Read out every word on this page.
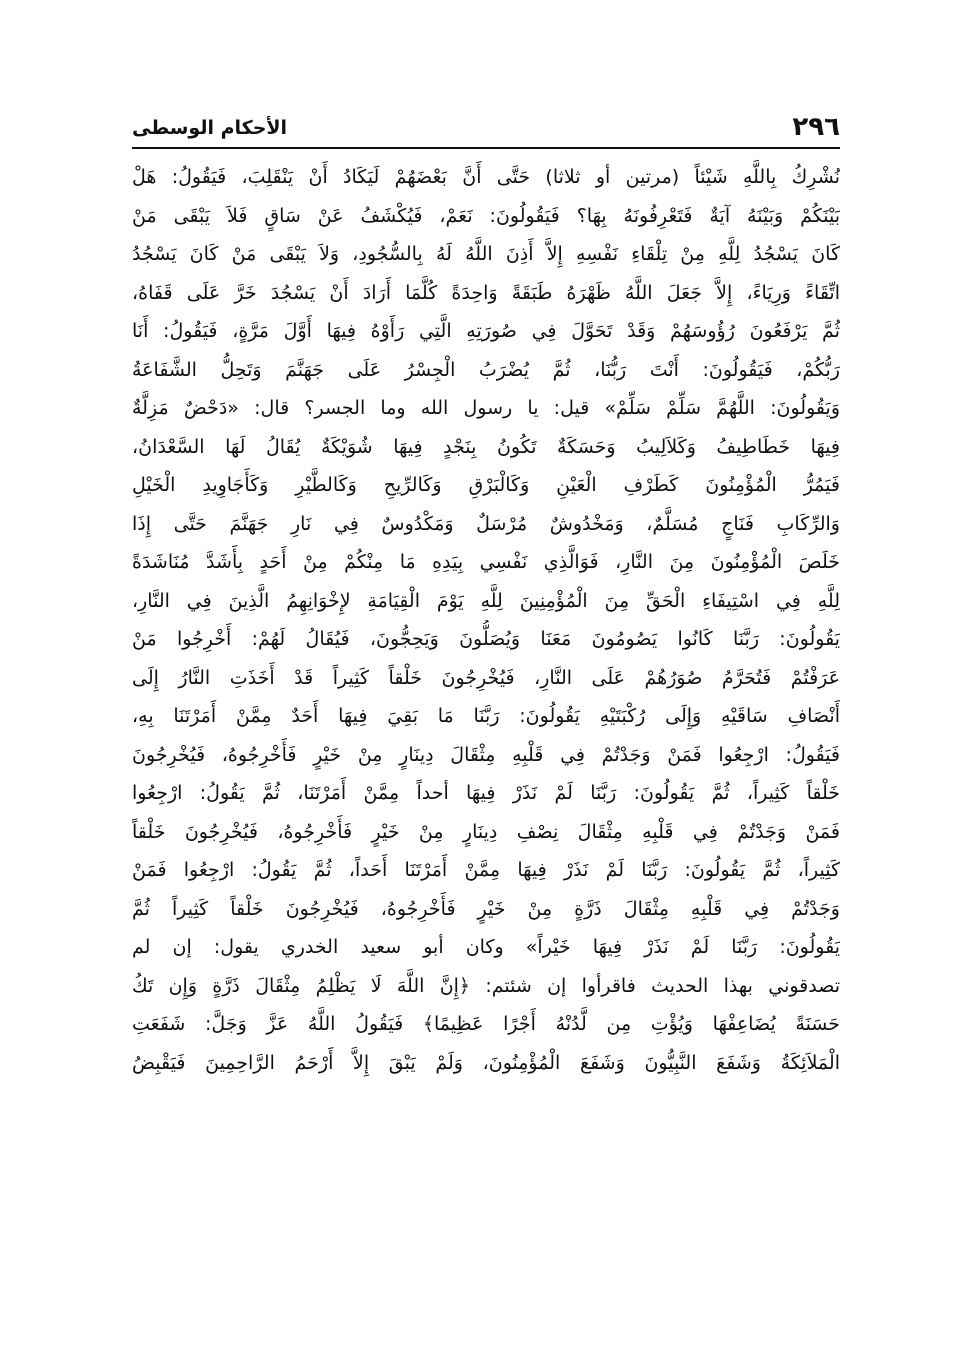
٢٩٦
الأحكام الوسطى
نُشْرِكُ بِاللَّهِ شَيْئاً (مرتين أو ثلاثا) حَتَّى أَنَّ بَعْضَهُمْ لَيَكَادُ أَنْ يَنْقَلِبَ، فَيَقُولُ: هَلْ
بَيْنَكُمْ وَبَيْنَهُ آيَةٌ فَتَعْرِفُونَهُ بِهَا؟ فَيَقُولُونَ: نَعَمْ، فَيُكْشَفُ عَنْ سَاقٍ فَلاَ يَبْقَى مَنْ
كَانَ يَسْجُدُ لِلَّهِ مِنْ تِلْقَاءِ نَفْسِهِ إِلاَّ أَذِنَ اللَّهُ لَهُ بِالسُّجُودِ، وَلاَ يَبْقَى مَنْ كَانَ يَسْجُدُ
اتِّقَاءً وَرِيَاءً، إِلاَّ جَعَلَ اللَّهُ ظَهْرَهُ طَبَقَةً وَاحِدَةً كُلَّمَا أَرَادَ أَنْ يَسْجُدَ خَرَّ عَلَى قَفَاهُ،
ثُمَّ يَرْفَعُونَ رُؤُوسَهُمْ وَقَدْ تَحَوَّلَ فِي صُورَتِهِ الَّتِي رَأَوْهُ فِيهَا أَوَّلَ مَرَّةٍ، فَيَقُولُ: أَنَا
رَبُّكُمْ، فَيَقُولُونَ: أَنْتَ رَبُّنَا، ثُمَّ يُضْرَبُ الْجِسْرُ عَلَى جَهَنَّمَ وَتَحِلُّ الشَّفَاعَةُ
وَيَقُولُونَ: اللَّهُمَّ سَلِّمْ سَلِّمْ» قيل: يا رسول الله وما الجسر؟ قال: «دَحْضٌ مَزِلَّةٌ
فِيهَا خَطَاطِيفُ وَكَلاَلِيبُ وَحَسَكَةٌ تَكُونُ بِنَجْدٍ فِيهَا شُوَيْكَةٌ يُقَالُ لَهَا السَّعْدَانُ،
فَيَمُرُّ الْمُؤْمِنُونَ كَطَرْفِ الْعَيْنِ وَكَالْبَرْقِ وَكَالرِّيحِ وَكَالطَّيْرِ وَكَأَجَاوِيدِ الْخَيْلِ
وَالرِّكَابِ فَنَاجٍ مُسَلَّمٌ، وَمَخْدُوشٌ مُرْسَلٌ وَمَكْدُوسٌ فِي نَارِ جَهَنَّمَ حَتَّى إِذَا
خَلَصَ الْمُؤْمِنُونَ مِنَ النَّارِ، فَوَالَّذِي نَفْسِي بِيَدِهِ مَا مِنْكُمْ مِنْ أَحَدٍ بِأَشَدَّ مُنَاشَدَةً
لِلَّهِ فِي اسْتِيفَاءِ الْحَقِّ مِنَ الْمُؤْمِنِينَ لِلَّهِ يَوْمَ الْقِيَامَةِ لإِخْوَانِهِمُ الَّذِينَ فِي النَّارِ،
يَقُولُونَ: رَبَّنَا كَانُوا يَصُومُونَ مَعَنَا وَيُصَلُّونَ وَيَحِجُّونَ، فَيُقَالُ لَهُمْ: أَخْرِجُوا مَنْ
عَرَفْتُمْ فَتُحَرَّمُ صُوَرُهُمْ عَلَى النَّارِ، فَيُخْرِجُونَ خَلْقاً كَثِيراً قَدْ أَخَذَتِ النَّارُ إِلَى
أَنْصَافِ سَاقَيْهِ وَإِلَى رُكْبَتَيْهِ يَقُولُونَ: رَبَّنَا مَا بَقِيَ فِيهَا أَحَدٌ مِمَّنْ أَمَرْتَنَا بِهِ،
فَيَقُولُ: ارْجِعُوا فَمَنْ وَجَدْتُمْ فِي قَلْبِهِ مِثْقَالَ دِينَارٍ مِنْ خَيْرٍ فَأَخْرِجُوهُ، فَيُخْرِجُونَ
خَلْقاً كَثِيراً، ثُمَّ يَقُولُونَ: رَبَّنَا لَمْ نَذَرْ فِيهَا أحداً مِمَّنْ أَمَرْتَنَا، ثُمَّ يَقُولُ: ارْجِعُوا
فَمَنْ وَجَدْتُمْ فِي قَلْبِهِ مِثْقَالَ نِصْفِ دِينَارٍ مِنْ خَيْرٍ فَأَخْرِجُوهُ، فَيُخْرِجُونَ خَلْقاً
كَثِيراً، ثُمَّ يَقُولُونَ: رَبَّنَا لَمْ نَذَرْ فِيهَا مِمَّنْ أَمَرْتَنَا أَحَداً، ثُمَّ يَقُولُ: ارْجِعُوا فَمَنْ
وَجَدْتُمْ فِي قَلْبِهِ مِثْقَالَ ذَرَّةٍ مِنْ خَيْرٍ فَأَخْرِجُوهُ، فَيُخْرِجُونَ خَلْقاً كَثِيراً ثُمَّ
يَقُولُونَ: رَبَّنَا لَمْ نَذَرْ فِيهَا خَيْراً» وكان أبو سعيد الخدري يقول: إن لم
تصدقوني بهذا الحديث فاقرأوا إن شئتم: ﴿إِنَّ اللَّهَ لَا يَظْلِمُ مِثْقَالَ ذَرَّةٍ وَإِن تَكُ
حَسَنَةً يُضَاعِفْهَا وَيُؤْتِ مِن لَّدُنْهُ أَجْرًا عَظِيمًا﴾ فَيَقُولُ اللَّهُ عَزَّ وَجَلَّ: شَفَعَتِ
الْمَلاَئِكَةُ وَشَفَعَ النَّبِيُّونَ وَشَفَعَ الْمُؤْمِنُونَ، وَلَمْ يَبْقَ إِلاَّ أَرْحَمُ الرَّاحِمِينَ فَيَقْبِضُ
